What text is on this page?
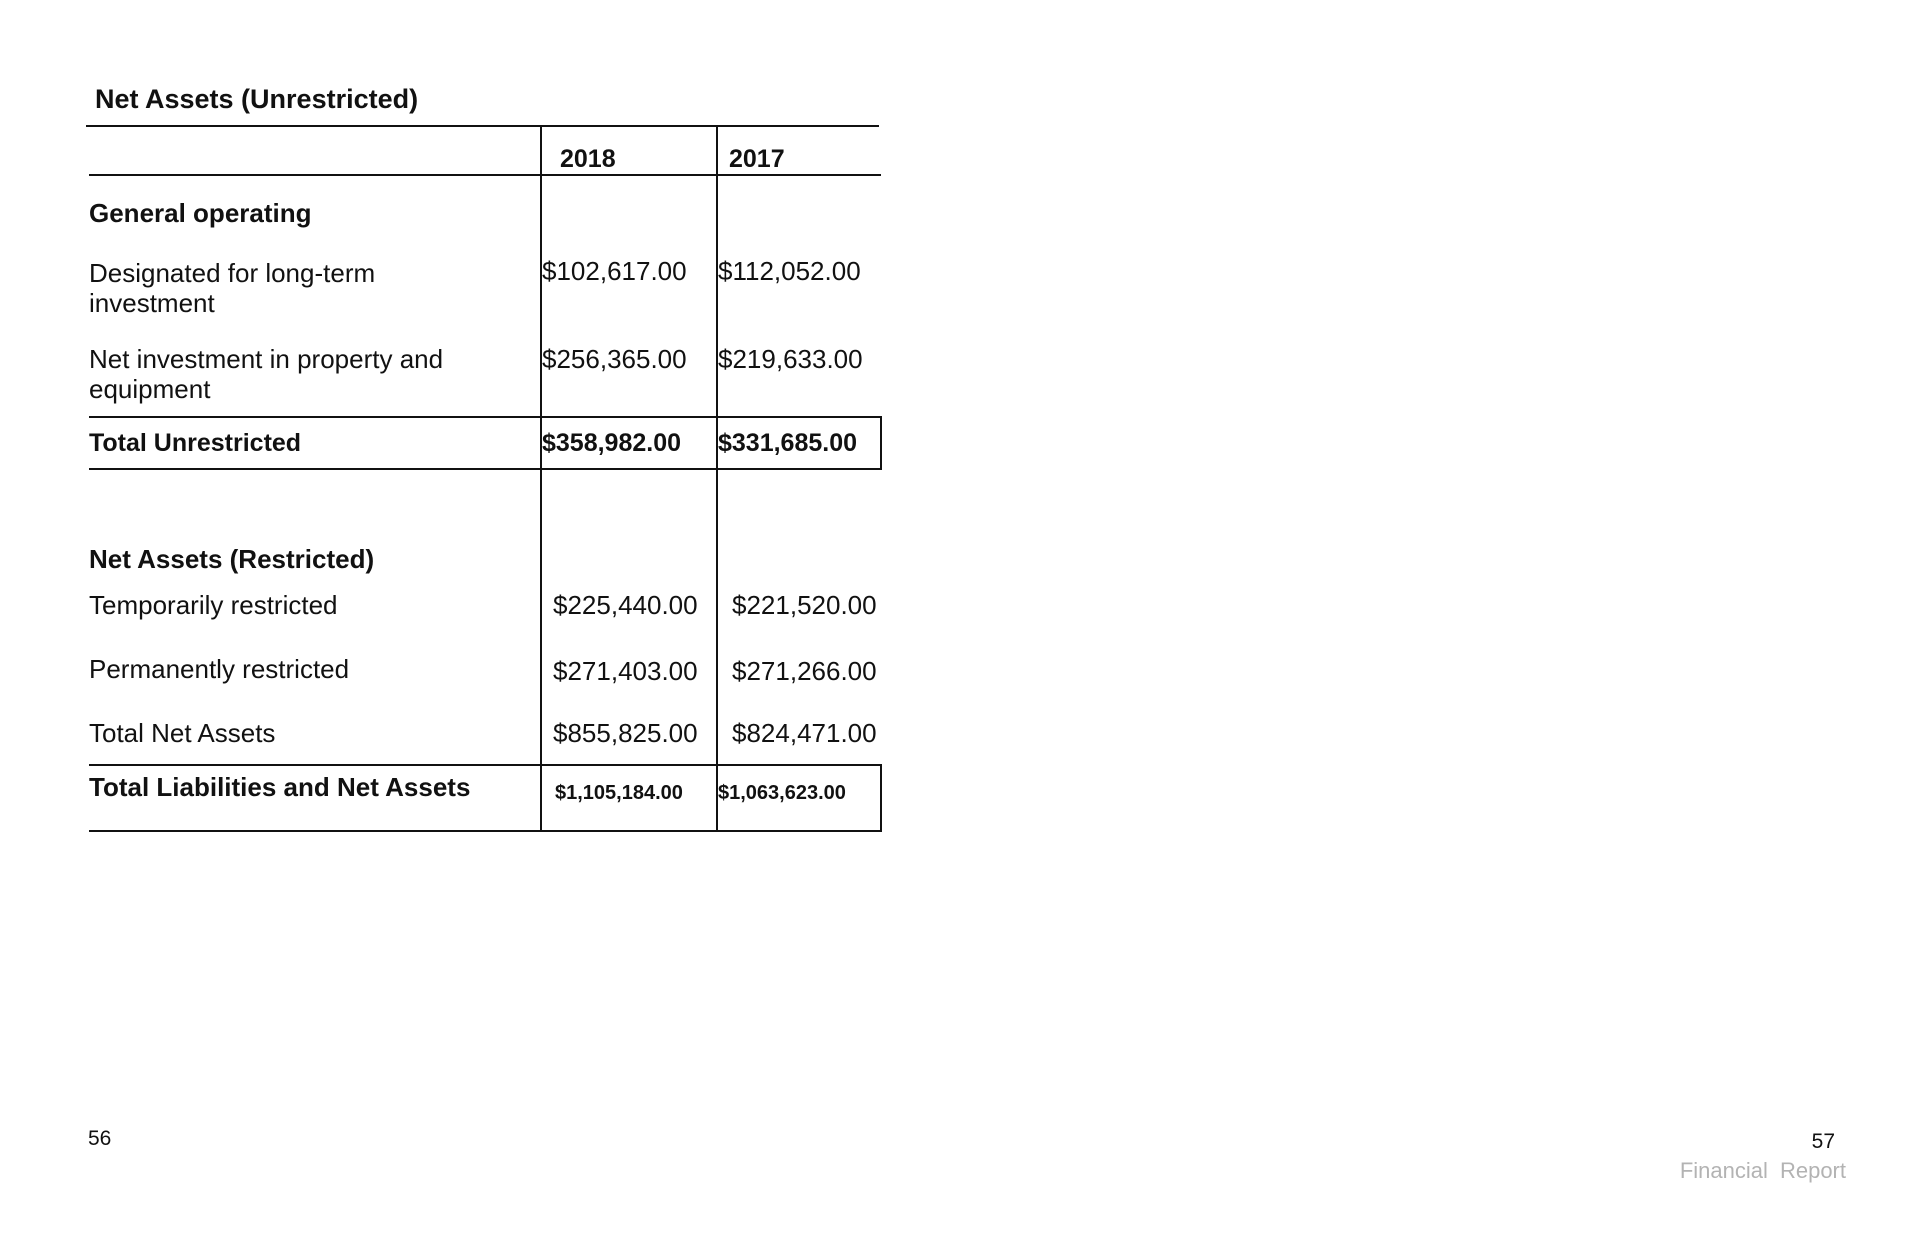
Net Assets (Unrestricted)
	2018	2017
General operating		
Designated for long-term
investment	$102,617.00	$112,052.00
Net investment in property and
equipment	$256,365.00	$219,633.00
Total Unrestricted	$358,982.00	$331,685.00
Net Assets (Restricted)		
Temporarily restricted	$225,440.00	$221,520.00
Permanently restricted	$271,403.00	$271,266.00
Total Net Assets	$855,825.00	$824,471.00
Total Liabilities and Net Assets	$1,105,184.00	$1,063,623.00
56	57
Financial Report
